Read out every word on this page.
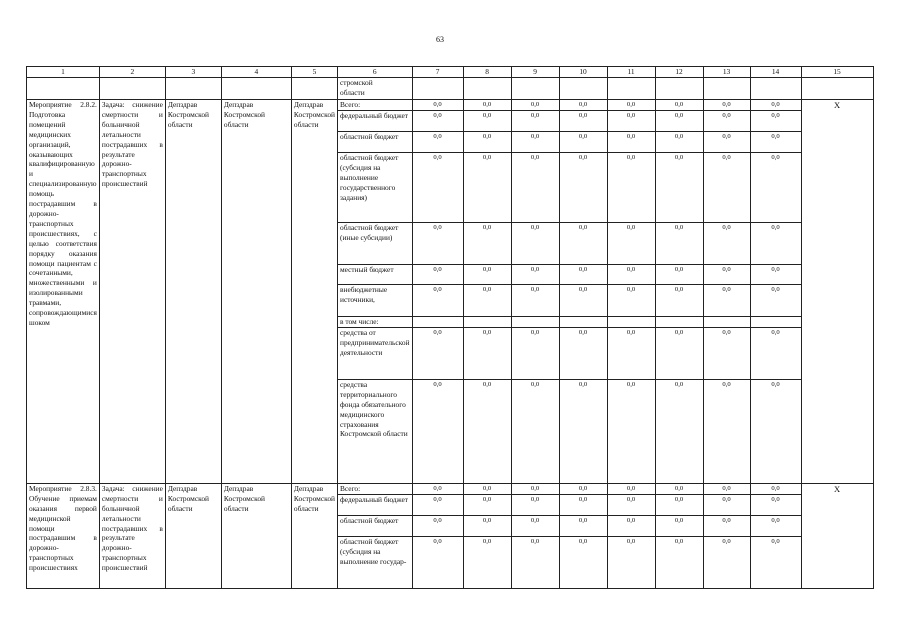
63
1	2	3	4	5	6	7	8	9	10	11	12	13	14	15
					стромской
области									
Мероприятие 2.8.2. Подготовка помещений медицинских организаций, оказывающих квалифицированную и специализированную помощь пострадавшим в дорожно-транспортных происшествиях, с целью соответствия порядку оказания помощи пациентам с сочетанными, множественными и изолированными травмами, сопровождающимися шоком	Задача: снижение смертности и больничной летальности пострадавших в результате дорожно-транспортных происшествий	Депздрав Костромской области	Депздрав Костромской области	Депздрав Костромской области	Всего:	0,0	0,0	0,0	0,0	0,0	0,0	0,0	0,0	X
					федеральный бюджет	0,0	0,0	0,0	0,0	0,0	0,0	0,0	0,0	
					областной бюджет	0,0	0,0	0,0	0,0	0,0	0,0	0,0	0,0	
					областной бюджет (субсидия на выполнение государственного задания)	0,0	0,0	0,0	0,0	0,0	0,0	0,0	0,0	
					областной бюджет (иные субсидии)	0,0	0,0	0,0	0,0	0,0	0,0	0,0	0,0	
					местный бюджет	0,0	0,0	0,0	0,0	0,0	0,0	0,0	0,0	
					внебюджетные источники,	0,0	0,0	0,0	0,0	0,0	0,0	0,0	0,0	
					в том числе:									
					средства от предпринимательской деятельности	0,0	0,0	0,0	0,0	0,0	0,0	0,0	0,0	
					средства территориального фонда обязательного медицинского страхования Костромской области	0,0	0,0	0,0	0,0	0,0	0,0	0,0	0,0	
Мероприятие 2.8.3. Обучение приемам оказания первой медицинской помощи пострадавшим в дорожно-транспортных происшествиях	Задача: снижение смертности и больничной летальности пострадавших в результате дорожно-транспортных происшествий	Депздрав Костромской области	Депздрав Костромской области	Депздрав Костромской области	Всего:	0,0	0,0	0,0	0,0	0,0	0,0	0,0	0,0	X
					федеральный бюджет	0,0	0,0	0,0	0,0	0,0	0,0	0,0	0,0	
					областной бюджет	0,0	0,0	0,0	0,0	0,0	0,0	0,0	0,0	
					областной бюджет (субсидия на выполнение государ-	0,0	0,0	0,0	0,0	0,0	0,0	0,0	0,0	
